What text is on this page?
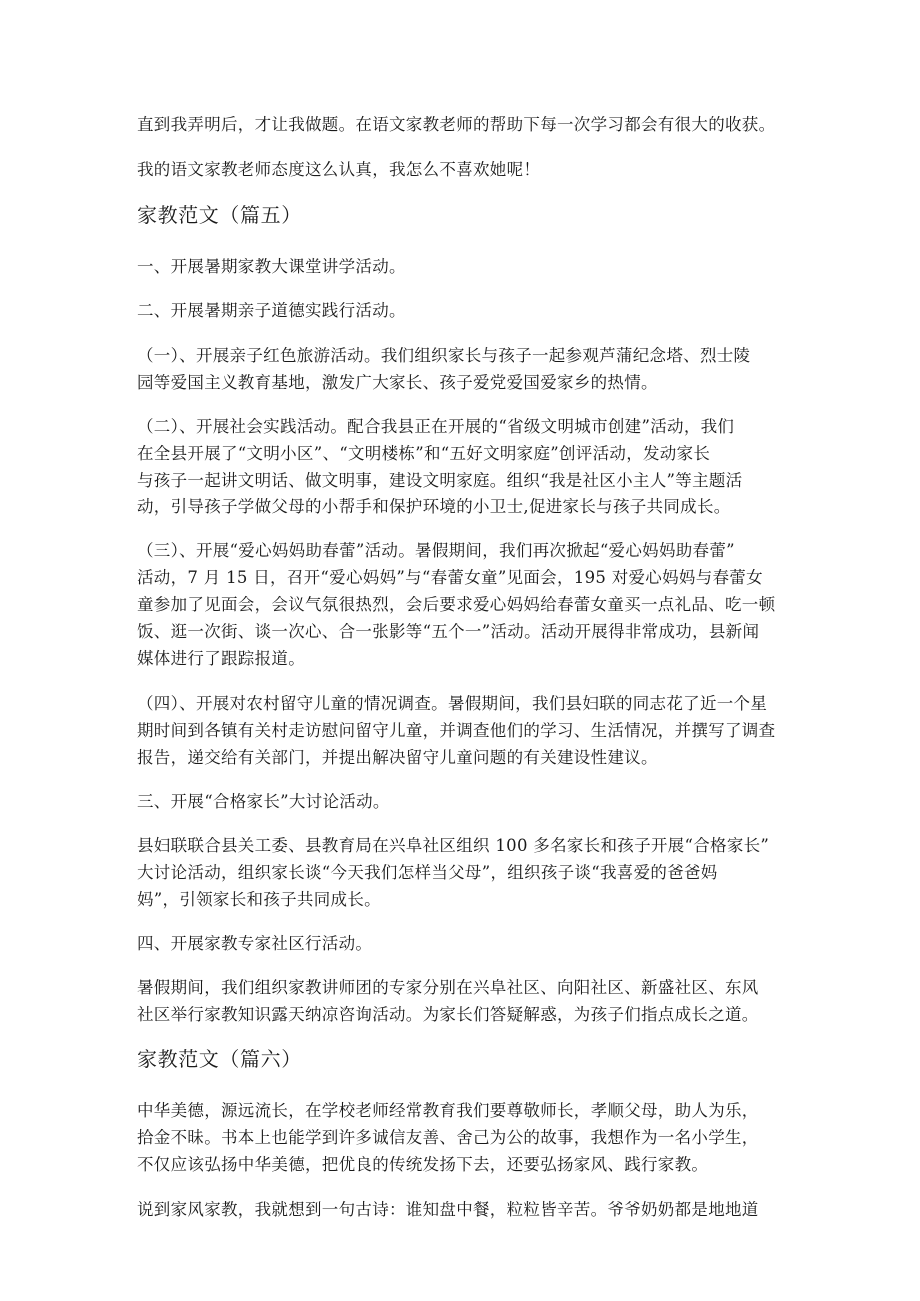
直到我弄明后，才让我做题。在语文家教老师的帮助下每一次学习都会有很大的收获。

我的语文家教老师态度这么认真，我怎么不喜欢她呢！

家教范文（篇五）

一、开展暑期家教大课堂讲学活动。

二、开展暑期亲子道德实践行活动。

（一）、开展亲子红色旅游活动。我们组织家长与孩子一起参观芦蒲纪念塔、烈士陵

园等爱国主义教育基地，激发广大家长、孩子爱党爱国爱家乡的热情。

（二）、开展社会实践活动。配合我县正在开展的“省级文明城市创建”活动，我们

在全县开展了“文明小区”、“文明楼栋”和“五好文明家庭”创评活动，发动家长

与孩子一起讲文明话、做文明事，建设文明家庭。组织“我是社区小主人”等主题活

动，引导孩子学做父母的小帮手和保护环境的小卫士,促进家长与孩子共同成长。

（三）、开展“爱心妈妈助春蕾”活动。暑假期间，我们再次掀起“爱心妈妈助春蕾”

活动，7 月 15 日，召开“爱心妈妈”与“春蕾女童”见面会，195 对爱心妈妈与春蕾女

童参加了见面会，会议气氛很热烈，会后要求爱心妈妈给春蕾女童买一点礼品、吃一顿

饭、逛一次街、谈一次心、合一张影等“五个一”活动。活动开展得非常成功，县新闻

媒体进行了跟踪报道。

（四）、开展对农村留守儿童的情况调查。暑假期间，我们县妇联的同志花了近一个星

期时间到各镇有关村走访慰问留守儿童，并调查他们的学习、生活情况，并撰写了调查

报告，递交给有关部门，并提出解决留守儿童问题的有关建设性建议。

三、开展“合格家长”大讨论活动。

县妇联联合县关工委、县教育局在兴阜社区组织 100 多名家长和孩子开展“合格家长”

大讨论活动，组织家长谈“今天我们怎样当父母”，组织孩子谈“我喜爱的爸爸妈

妈”，引领家长和孩子共同成长。

四、开展家教专家社区行活动。

暑假期间，我们组织家教讲师团的专家分别在兴阜社区、向阳社区、新盛社区、东风

社区举行家教知识露天纳凉咨询活动。为家长们答疑解惑，为孩子们指点成长之道。

家教范文（篇六）

中华美德，源远流长，在学校老师经常教育我们要尊敬师长，孝顺父母，助人为乐，

拾金不昧。书本上也能学到许多诚信友善、舍己为公的故事，我想作为一名小学生，

不仅应该弘扬中华美德，把优良的传统发扬下去，还要弘扬家风、践行家教。

说到家风家教，我就想到一句古诗：谁知盘中餐，粒粒皆辛苦。爷爷奶奶都是地地道
